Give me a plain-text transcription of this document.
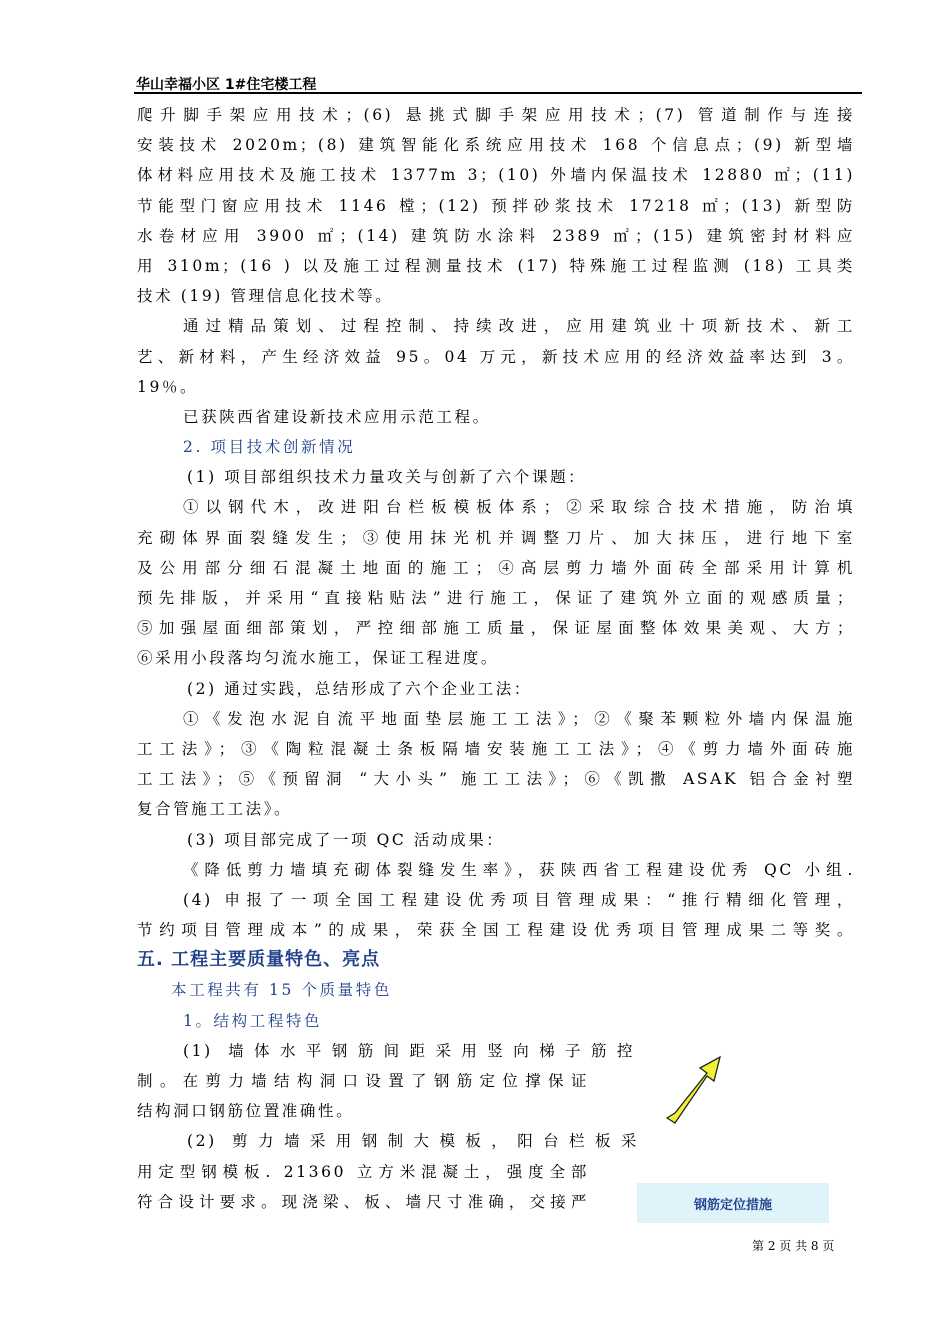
华山幸福小区 1#住宅楼工程
爬升脚手架应用技术；(6) 悬挑式脚手架应用技术；(7) 管道制作与连接
安装技术 2020m；(8) 建筑智能化系统应用技术 168 个信息点；(9) 新型墙
体材料应用技术及施工技术 1377m 3；(10) 外墙内保温技术 12880 ㎡；(11)
节能型门窗应用技术 1146 樘；(12) 预拌砂浆技术 17218 ㎡；(13) 新型防
水卷材应用 3900 ㎡；(14) 建筑防水涂料 2389 ㎡；(15) 建筑密封材料应
用 310m；(16 ) 以及施工过程测量技术 (17) 特殊施工过程监测 (18) 工具类
技术 (19) 管理信息化技术等。
通过精品策划、过程控制、持续改进，应用建筑业十项新技术、新工
艺、新材料，产生经济效益 95。04 万元，新技术应用的经济效益率达到 3。
19％。
已获陕西省建设新技术应用示范工程。
2. 项目技术创新情况
(1) 项目部组织技术力量攻关与创新了六个课题：
①以钢代木，改进阳台栏板模板体系；②采取综合技术措施，防治填
充砌体界面裂缝发生；③使用抹光机并调整刀片、加大抹压，进行地下室
及公用部分细石混凝土地面的施工；④高层剪力墙外面砖全部采用计算机
预先排版，并采用“直接粘贴法”进行施工，保证了建筑外立面的观感质量；
⑤加强屋面细部策划，严控细部施工质量，保证屋面整体效果美观、大方；
⑥采用小段落均匀流水施工，保证工程进度。
(2) 通过实践，总结形成了六个企业工法：
①《发泡水泥自流平地面垫层施工工法》；②《聚苯颗粒外墙内保温施
工工法》；③《陶粒混凝土条板隔墙安装施工工法》；④《剪力墙外面砖施
工工法》；⑤《预留洞 “大小头” 施工工法》；⑥《凯撒 ASAK 铝合金衬塑
复合管施工工法》。
(3) 项目部完成了一项 QC 活动成果：
《降低剪力墙填充砌体裂缝发生率》，获陕西省工程建设优秀 QC 小组.
(4) 申报了一项全国工程建设优秀项目管理成果：“推行精细化管理，
节约项目管理成本”的成果，荣获全国工程建设优秀项目管理成果二等奖。
五. 工程主要质量特色、亮点
本工程共有 15 个质量特色
1。结构工程特色
(1) 墙体水平钢筋间距采用竖向梯子筋控
制。在剪力墙结构洞口设置了钢筋定位撑保证
结构洞口钢筋位置准确性。
(2) 剪力墙采用钢制大模板，阳台栏板采
用定型钢模板. 21360 立方米混凝土，强度全部
符合设计要求。现浇梁、板、墙尺寸准确，交接严	钢筋定位措施
第 2 页 共 8 页
